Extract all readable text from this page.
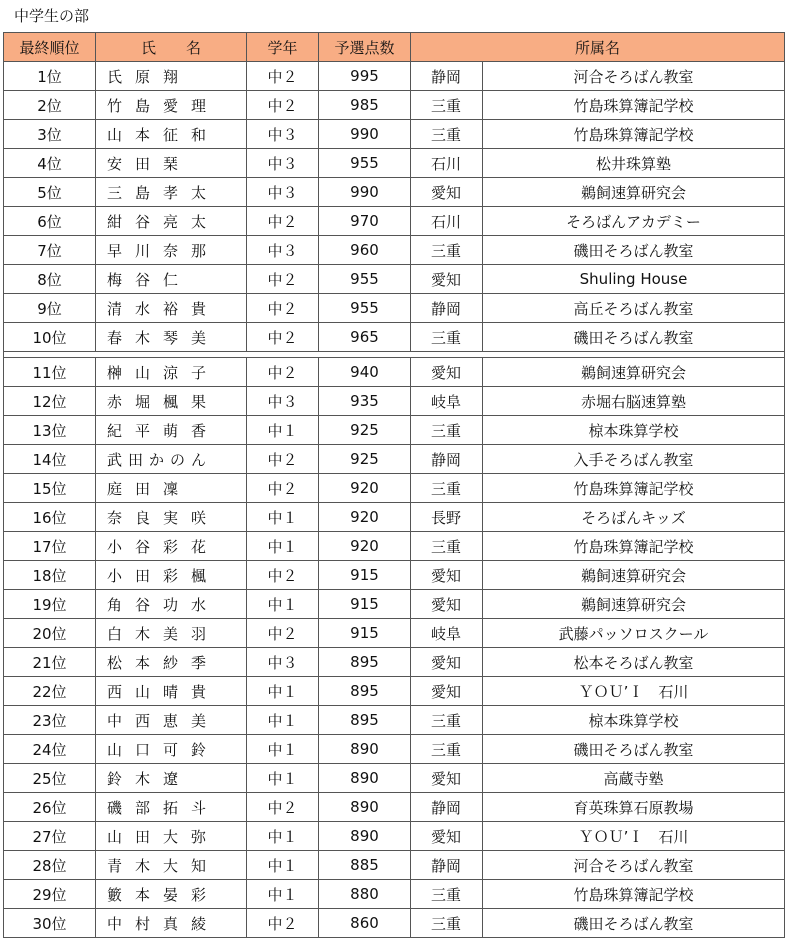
中学生の部
最終順位	氏　　名	学年	予選点数	所属名	
1位	氏原翔	中２	995	静岡	河合そろばん教室
2位	竹島愛理	中２	985	三重	竹島珠算簿記学校
3位	山本征和	中３	990	三重	竹島珠算簿記学校
4位	安田琹	中３	955	石川	松井珠算塾
5位	三島孝太	中３	990	愛知	鵜飼速算研究会
6位	紺谷亮太	中２	970	石川	そろばんアカデミー
7位	早川奈那	中３	960	三重	磯田そろばん教室
8位	梅谷仁	中２	955	愛知	Shuling House
9位	清水裕貴	中２	955	静岡	高丘そろばん教室
10位	春木琴美	中２	965	三重	磯田そろばん教室

11位	榊山涼子	中２	940	愛知	鵜飼速算研究会
12位	赤堀楓果	中３	935	岐阜	赤堀右脳速算塾
13位	紀平萌香	中１	925	三重	椋本珠算学校
14位	武田かのん	中２	925	静岡	入手そろばん教室
15位	庭田凜	中２	920	三重	竹島珠算簿記学校
16位	奈良実咲	中１	920	長野	そろばんキッズ
17位	小谷彩花	中１	920	三重	竹島珠算簿記学校
18位	小田彩楓	中２	915	愛知	鵜飼速算研究会
19位	角谷功水	中１	915	愛知	鵜飼速算研究会
20位	白木美羽	中２	915	岐阜	武藤パッソロスクール
21位	松本紗季	中３	895	愛知	松本そろばん教室
22位	西山晴貴	中１	895	愛知	ＹＯＵ’Ｉ　石川
23位	中西恵美	中１	895	三重	椋本珠算学校
24位	山口可鈴	中１	890	三重	磯田そろばん教室
25位	鈴木遼	中１	890	愛知	高蔵寺塾
26位	磯部拓斗	中２	890	静岡	育英珠算石原教場
27位	山田大弥	中１	890	愛知	ＹＯＵ’Ｉ　石川
28位	青木大知	中１	885	静岡	河合そろばん教室
29位	籔本晏彩	中１	880	三重	竹島珠算簿記学校
30位	中村真綾	中２	860	三重	磯田そろばん教室
